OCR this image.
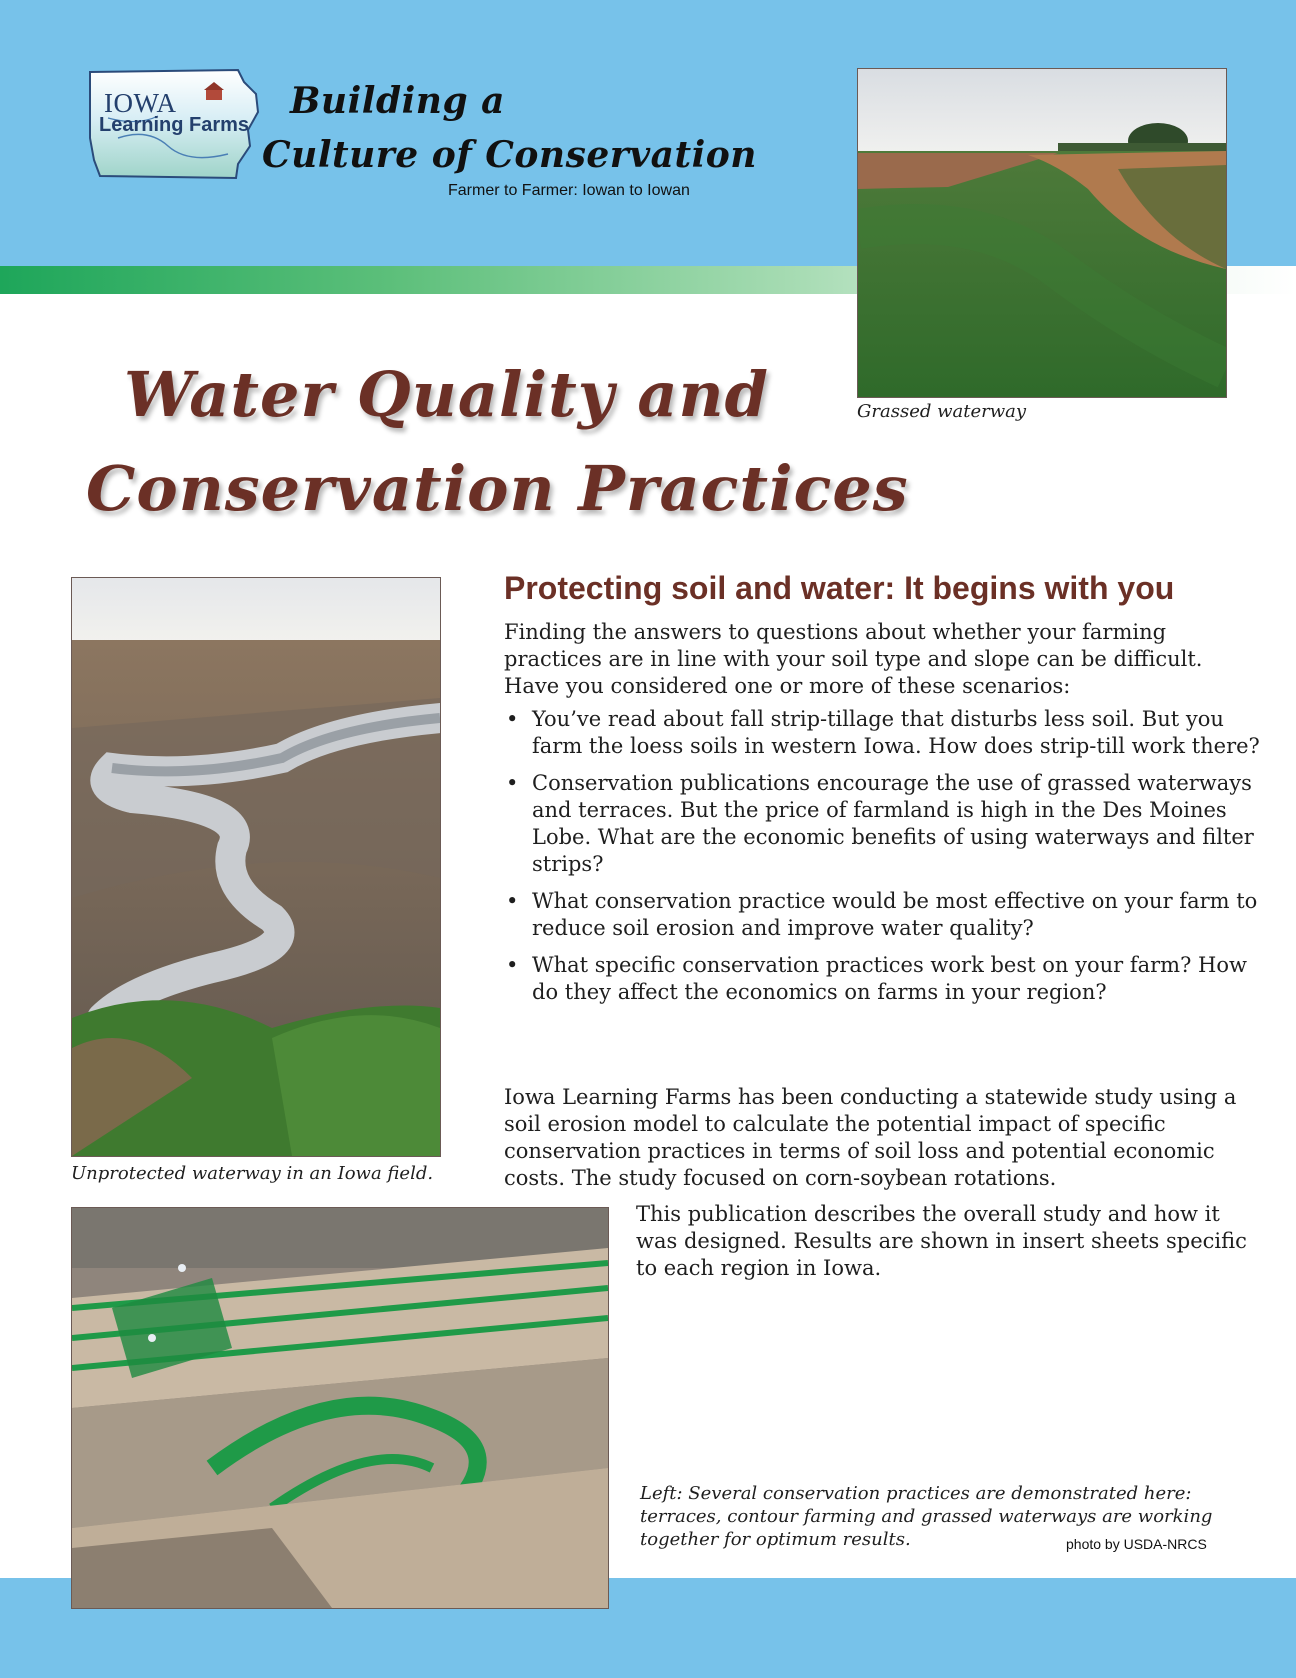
IOWA
Learning Farms
Building a
Culture of Conservation
Farmer to Farmer: Iowan to Iowan
Grassed waterway
Water Quality and
Conservation Practices
Unprotected waterway in an Iowa field.
Protecting soil and water: It begins with you
Finding the answers to questions about whether your farming practices are in line with your soil type and slope can be difficult. Have you considered one or more of these scenarios:
• You’ve read about fall strip-tillage that disturbs less soil. But you farm the loess soils in western Iowa. How does strip-till work there?
• Conservation publications encourage the use of grassed waterways and terraces. But the price of farmland is high in the Des Moines Lobe. What are the economic benefits of using waterways and filter strips?
• What conservation practice would be most effective on your farm to reduce soil erosion and improve water quality?
• What specific conservation practices work best on your farm? How do they affect the economics on farms in your region?
Iowa Learning Farms has been conducting a statewide study using a soil erosion model to calculate the potential impact of specific conservation practices in terms of soil loss and potential economic costs. The study focused on corn-soybean rotations.
This publication describes the overall study and how it was designed. Results are shown in insert sheets specific to each region in Iowa.
Left: Several conservation practices are demonstrated here: terraces, contour farming and grassed waterways are working together for optimum results.	photo by USDA-NRCS
